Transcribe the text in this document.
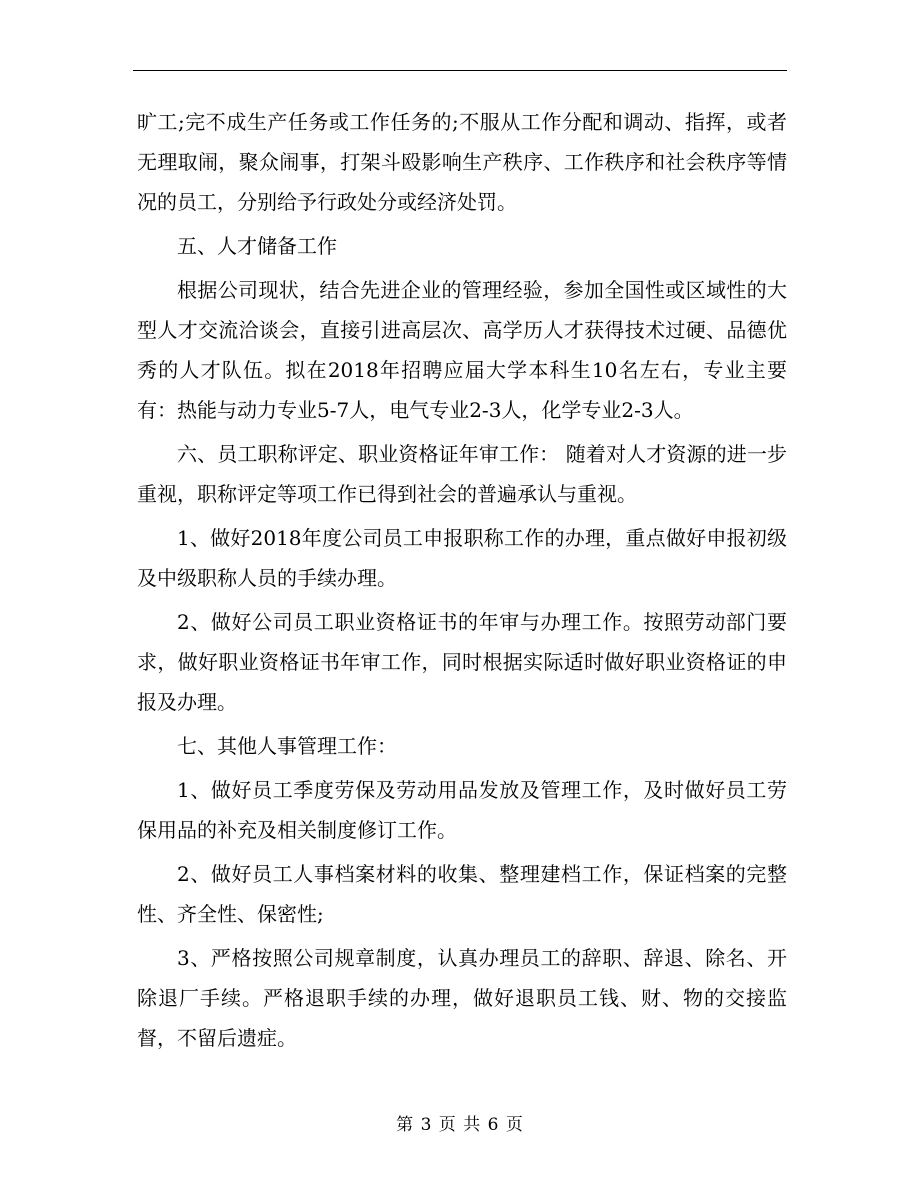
旷工;完不成生产任务或工作任务的;不服从工作分配和调动、指挥，或者无理取闹，聚众闹事，打架斗殴影响生产秩序、工作秩序和社会秩序等情况的员工，分别给予行政处分或经济处罚。

五、人才储备工作

根据公司现状，结合先进企业的管理经验，参加全国性或区域性的大型人才交流洽谈会，直接引进高层次、高学历人才获得技术过硬、品德优秀的人才队伍。拟在2018年招聘应届大学本科生10名左右，专业主要有：热能与动力专业5-7人，电气专业2-3人，化学专业2-3人。

六、员工职称评定、职业资格证年审工作： 随着对人才资源的进一步重视，职称评定等项工作已得到社会的普遍承认与重视。

1、做好2018年度公司员工申报职称工作的办理，重点做好申报初级及中级职称人员的手续办理。

2、做好公司员工职业资格证书的年审与办理工作。按照劳动部门要求，做好职业资格证书年审工作，同时根据实际适时做好职业资格证的申报及办理。

七、其他人事管理工作：

1、做好员工季度劳保及劳动用品发放及管理工作，及时做好员工劳保用品的补充及相关制度修订工作。

2、做好员工人事档案材料的收集、整理建档工作，保证档案的完整性、齐全性、保密性;

3、严格按照公司规章制度，认真办理员工的辞职、辞退、除名、开除退厂手续。严格退职手续的办理，做好退职员工钱、财、物的交接监督，不留后遗症。

第 3 页 共 6 页
